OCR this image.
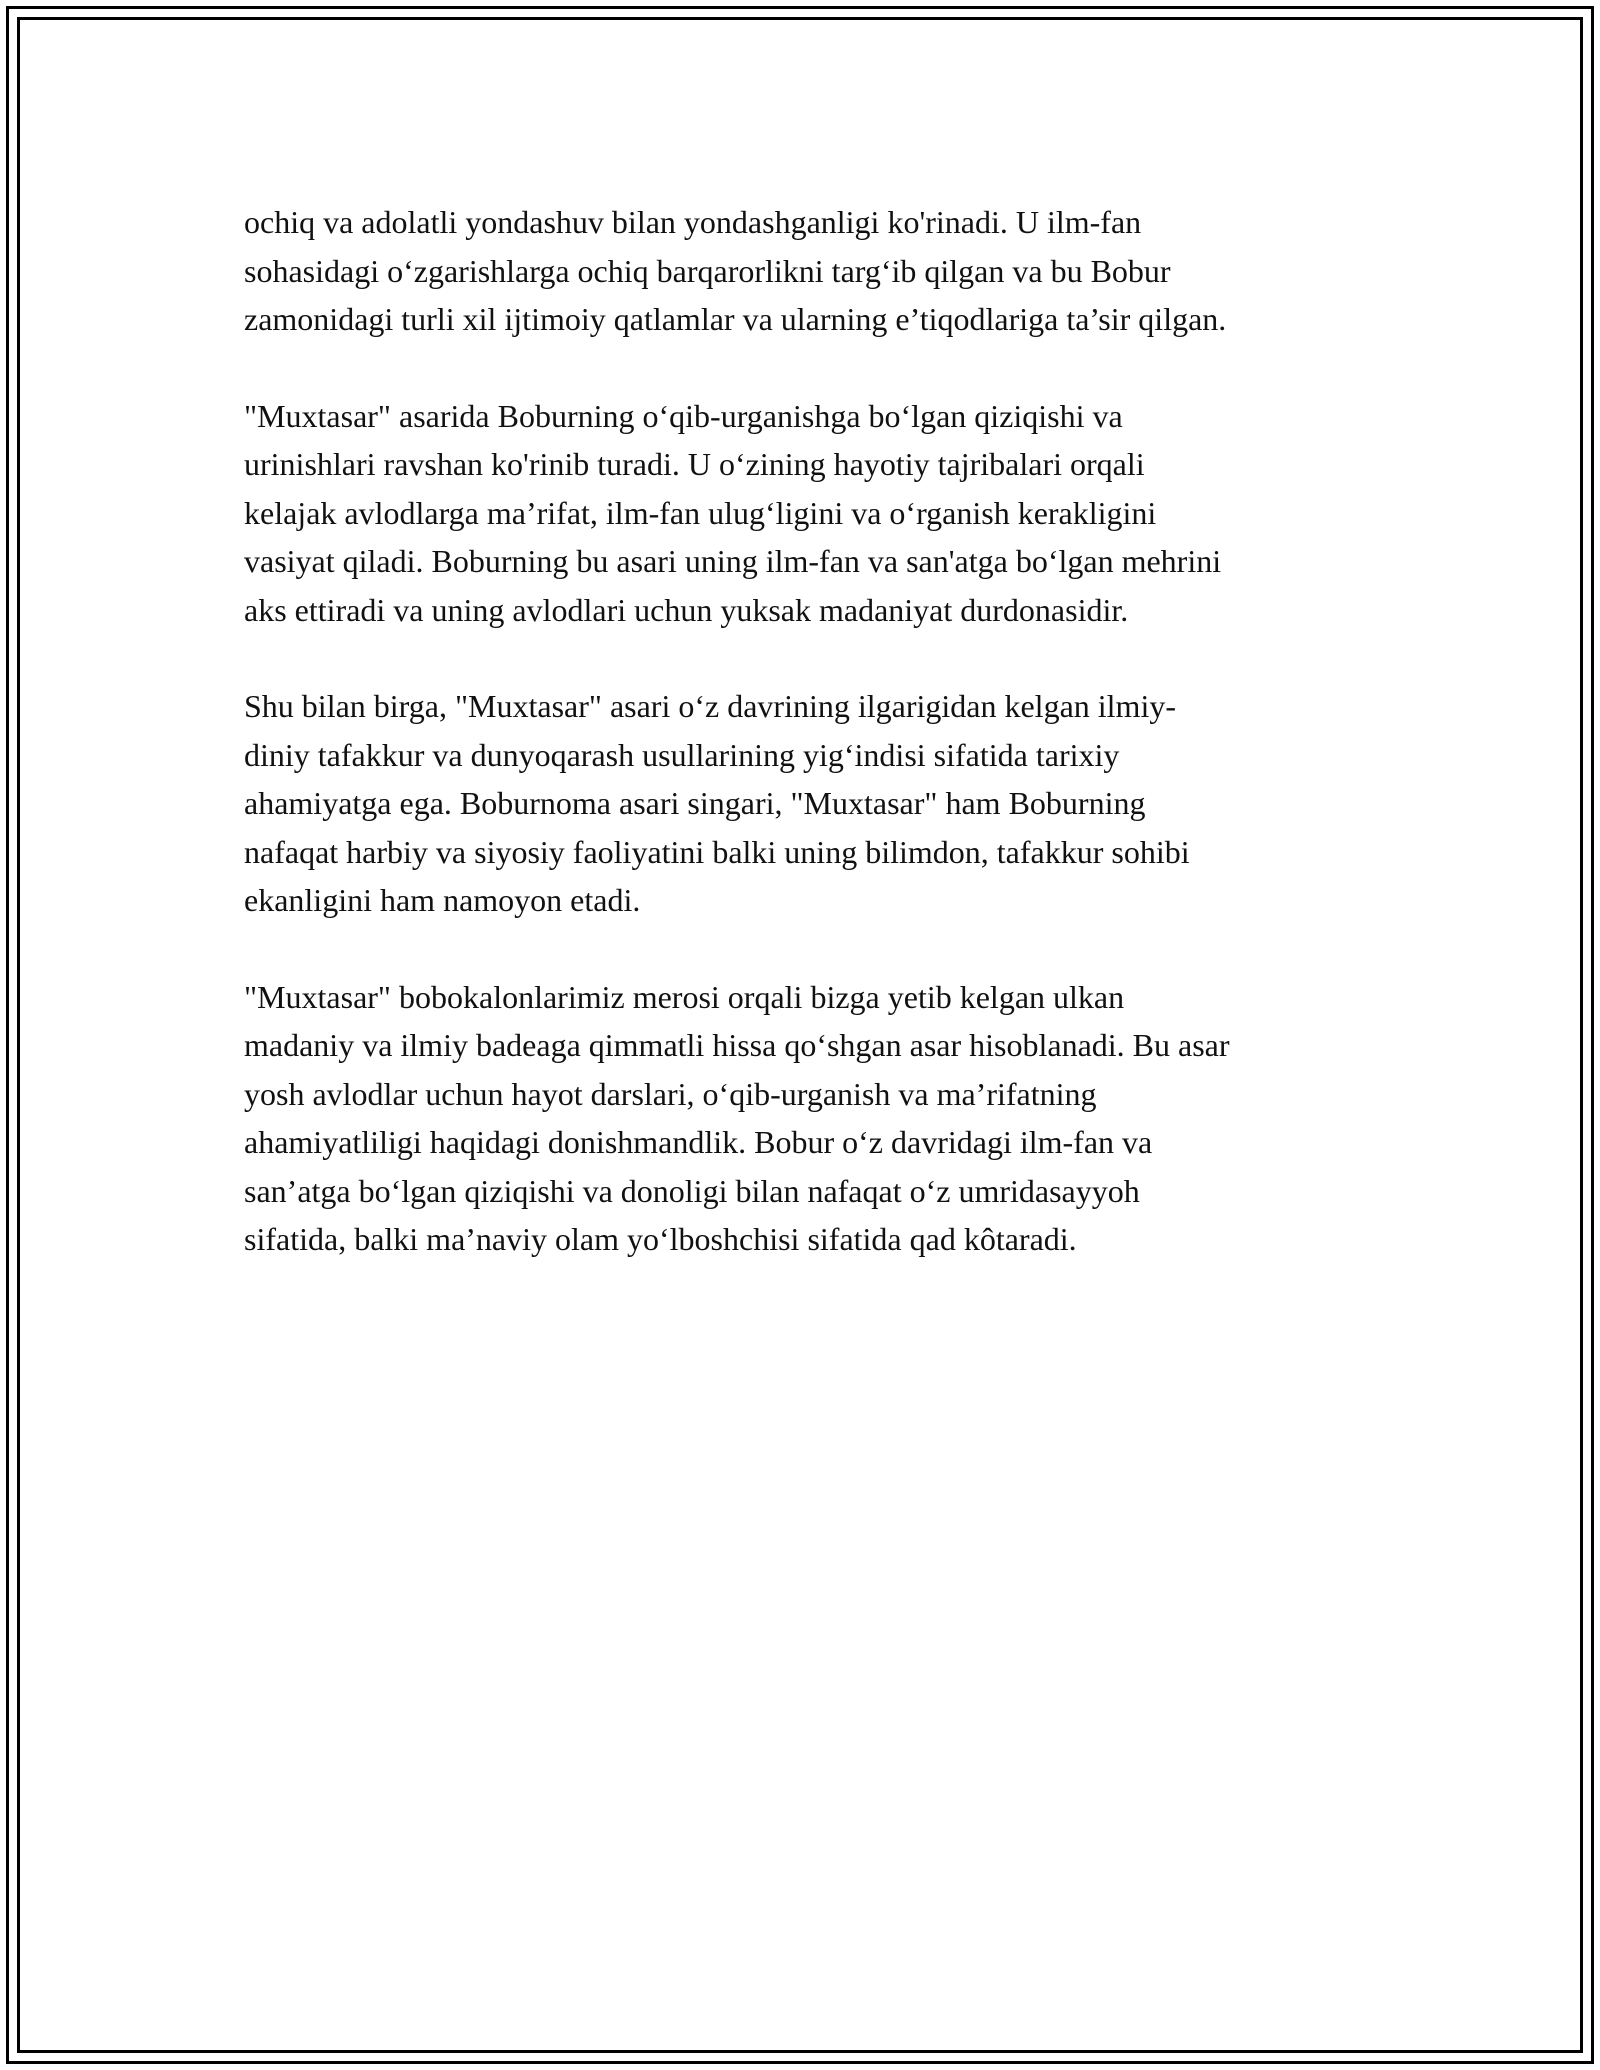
ochiq va adolatli yondashuv bilan yondashganligi ko'rinadi. U ilm-fan
sohasidagi o‘zgarishlarga ochiq barqarorlikni targ‘ib qilgan va bu Bobur
zamonidagi turli xil ijtimoiy qatlamlar va ularning e’tiqodlariga ta’sir qilgan.

"Muxtasar" asarida Boburning o‘qib-urganishga bo‘lgan qiziqishi va
urinishlari ravshan ko'rinib turadi. U o‘zining hayotiy tajribalari orqali
kelajak avlodlarga ma’rifat, ilm-fan ulug‘ligini va o‘rganish kerakligini
vasiyat qiladi. Boburning bu asari uning ilm-fan va san'atga bo‘lgan mehrini
aks ettiradi va uning avlodlari uchun yuksak madaniyat durdonasidir.

Shu bilan birga, "Muxtasar" asari o‘z davrining ilgarigidan kelgan ilmiy-
diniy tafakkur va dunyoqarash usullarining yig‘indisi sifatida tarixiy
ahamiyatga ega. Boburnoma asari singari, "Muxtasar" ham Boburning
nafaqat harbiy va siyosiy faoliyatini balki uning bilimdon, tafakkur sohibi
ekanligini ham namoyon etadi.

"Muxtasar" bobokalonlarimiz merosi orqali bizga yetib kelgan ulkan
madaniy va ilmiy badeaga qimmatli hissa qo‘shgan asar hisoblanadi. Bu asar
yosh avlodlar uchun hayot darslari, o‘qib-urganish va ma’rifatning
ahamiyatliligi haqidagi donishmandlik. Bobur o‘z davridagi ilm-fan va
san’atga bo‘lgan qiziqishi va donoligi bilan nafaqat o‘z umridasayyoh
sifatida, balki ma’naviy olam yo‘lboshchisi sifatida qad kôtaradi.
